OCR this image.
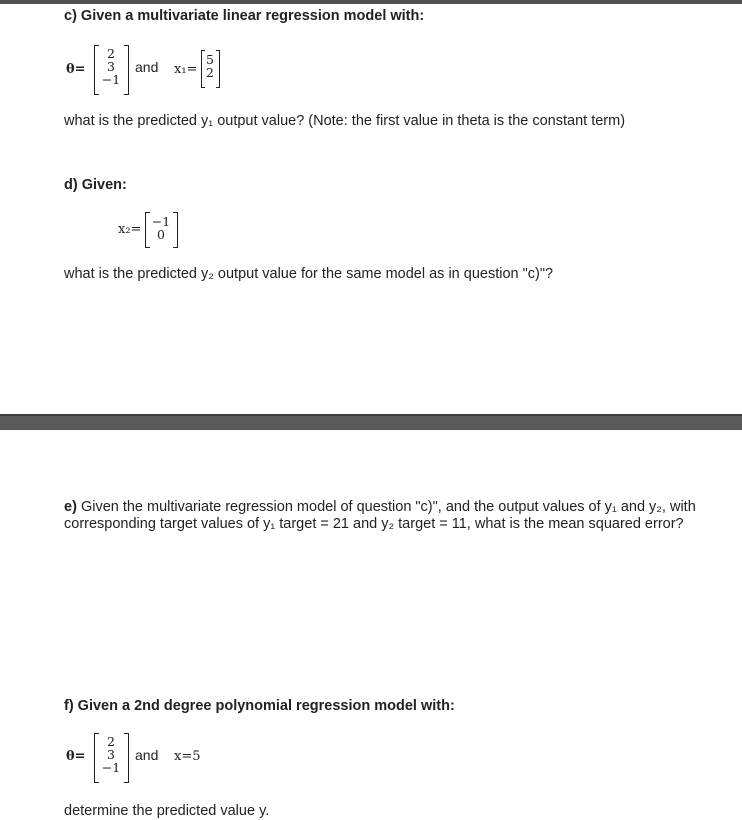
c) Given a multivariate linear regression model with:
θ=
2
3
−1
and x₁=
5
2
what is the predicted y₁ output value? (Note: the first value in theta is the constant term)
d) Given:
x₂=
−1
0
what is the predicted y₂ output value for the same model as in question "c)"?
e) Given the multivariate regression model of question "c)", and the output values of y₁ and y₂, with corresponding target values of y₁ target = 21 and y₂ target = 11, what is the mean squared error?
f) Given a 2nd degree polynomial regression model with:
θ=
2
3
−1
and x=5
determine the predicted value y.
